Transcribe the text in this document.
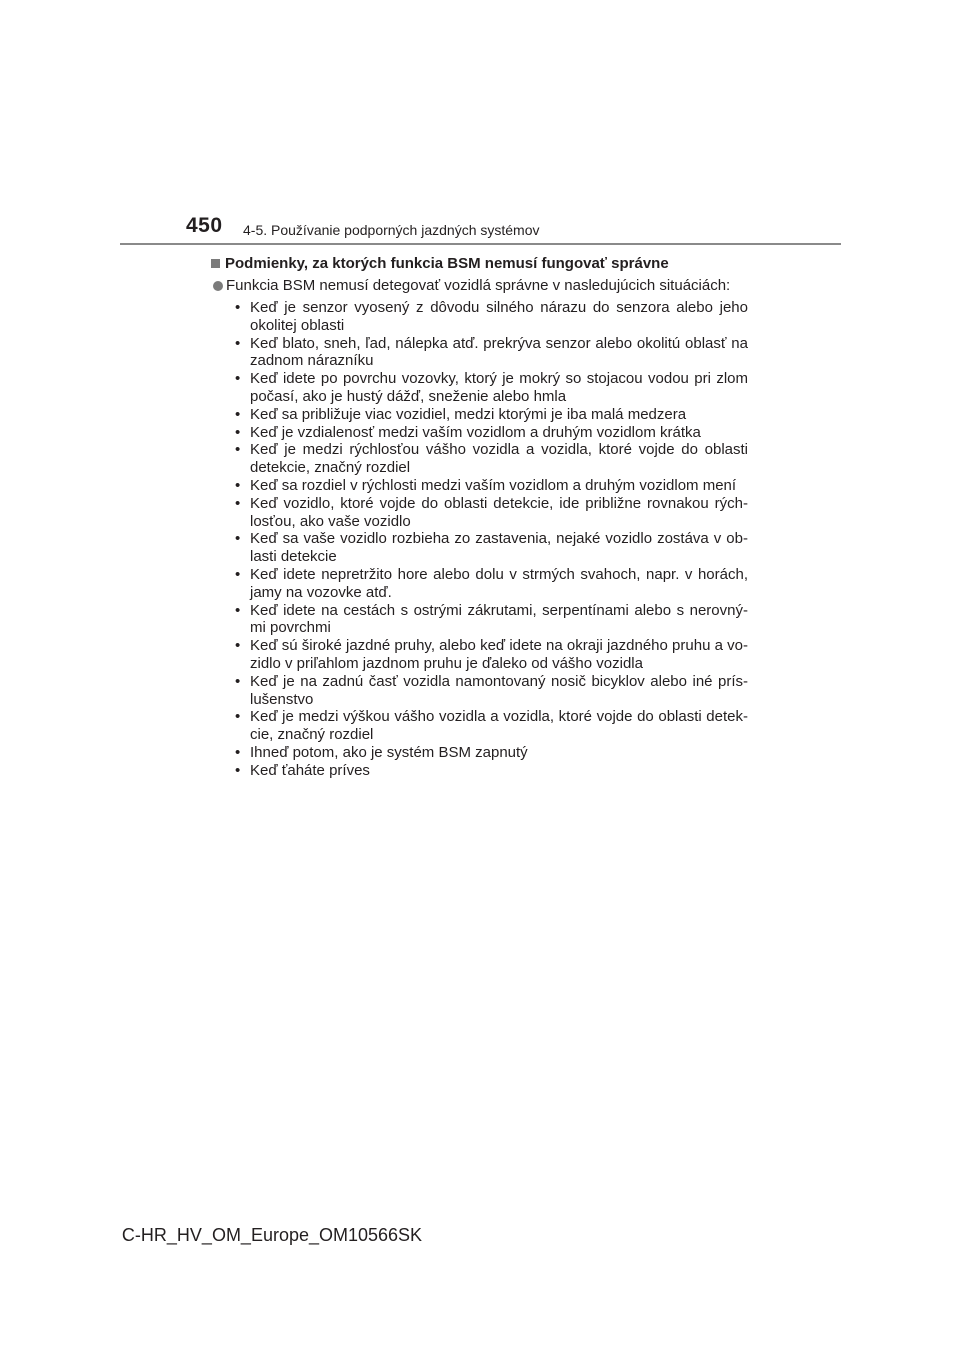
450 4-5. Používanie podporných jazdných systémov
Podmienky, za ktorých funkcia BSM nemusí fungovať správne
Funkcia BSM nemusí detegovať vozidlá správne v nasledujúcich situáciách:
• Keď je senzor vyosený z dôvodu silného nárazu do senzora alebo jeho okolitej oblasti
• Keď blato, sneh, ľad, nálepka atď. prekrýva senzor alebo okolitú oblasť na zadnom nárazníku
• Keď idete po povrchu vozovky, ktorý je mokrý so stojacou vodou pri zlom počasí, ako je hustý dážď, sneženie alebo hmla
• Keď sa približuje viac vozidiel, medzi ktorými je iba malá medzera
• Keď je vzdialenosť medzi vaším vozidlom a druhým vozidlom krátka
• Keď je medzi rýchlosťou vášho vozidla a vozidla, ktoré vojde do oblasti detekcie, značný rozdiel
• Keď sa rozdiel v rýchlosti medzi vaším vozidlom a druhým vozidlom mení
• Keď vozidlo, ktoré vojde do oblasti detekcie, ide približne rovnakou rých-losťou, ako vaše vozidlo
• Keď sa vaše vozidlo rozbieha zo zastavenia, nejaké vozidlo zostáva v ob-lasti detekcie
• Keď idete nepretržito hore alebo dolu v strmých svahoch, napr. v horách, jamy na vozovke atď.
• Keď idete na cestách s ostrými zákrutami, serpentínami alebo s nerovný-mi povrchmi
• Keď sú široké jazdné pruhy, alebo keď idete na okraji jazdného pruhu a vo-zidlo v priľahlom jazdnom pruhu je ďaleko od vášho vozidla
• Keď je na zadnú časť vozidla namontovaný nosič bicyklov alebo iné prís-lušenstvo
• Keď je medzi výškou vášho vozidla a vozidla, ktoré vojde do oblasti detek-cie, značný rozdiel
• Ihneď potom, ako je systém BSM zapnutý
• Keď ťaháte príves
C-HR_HV_OM_Europe_OM10566SK
